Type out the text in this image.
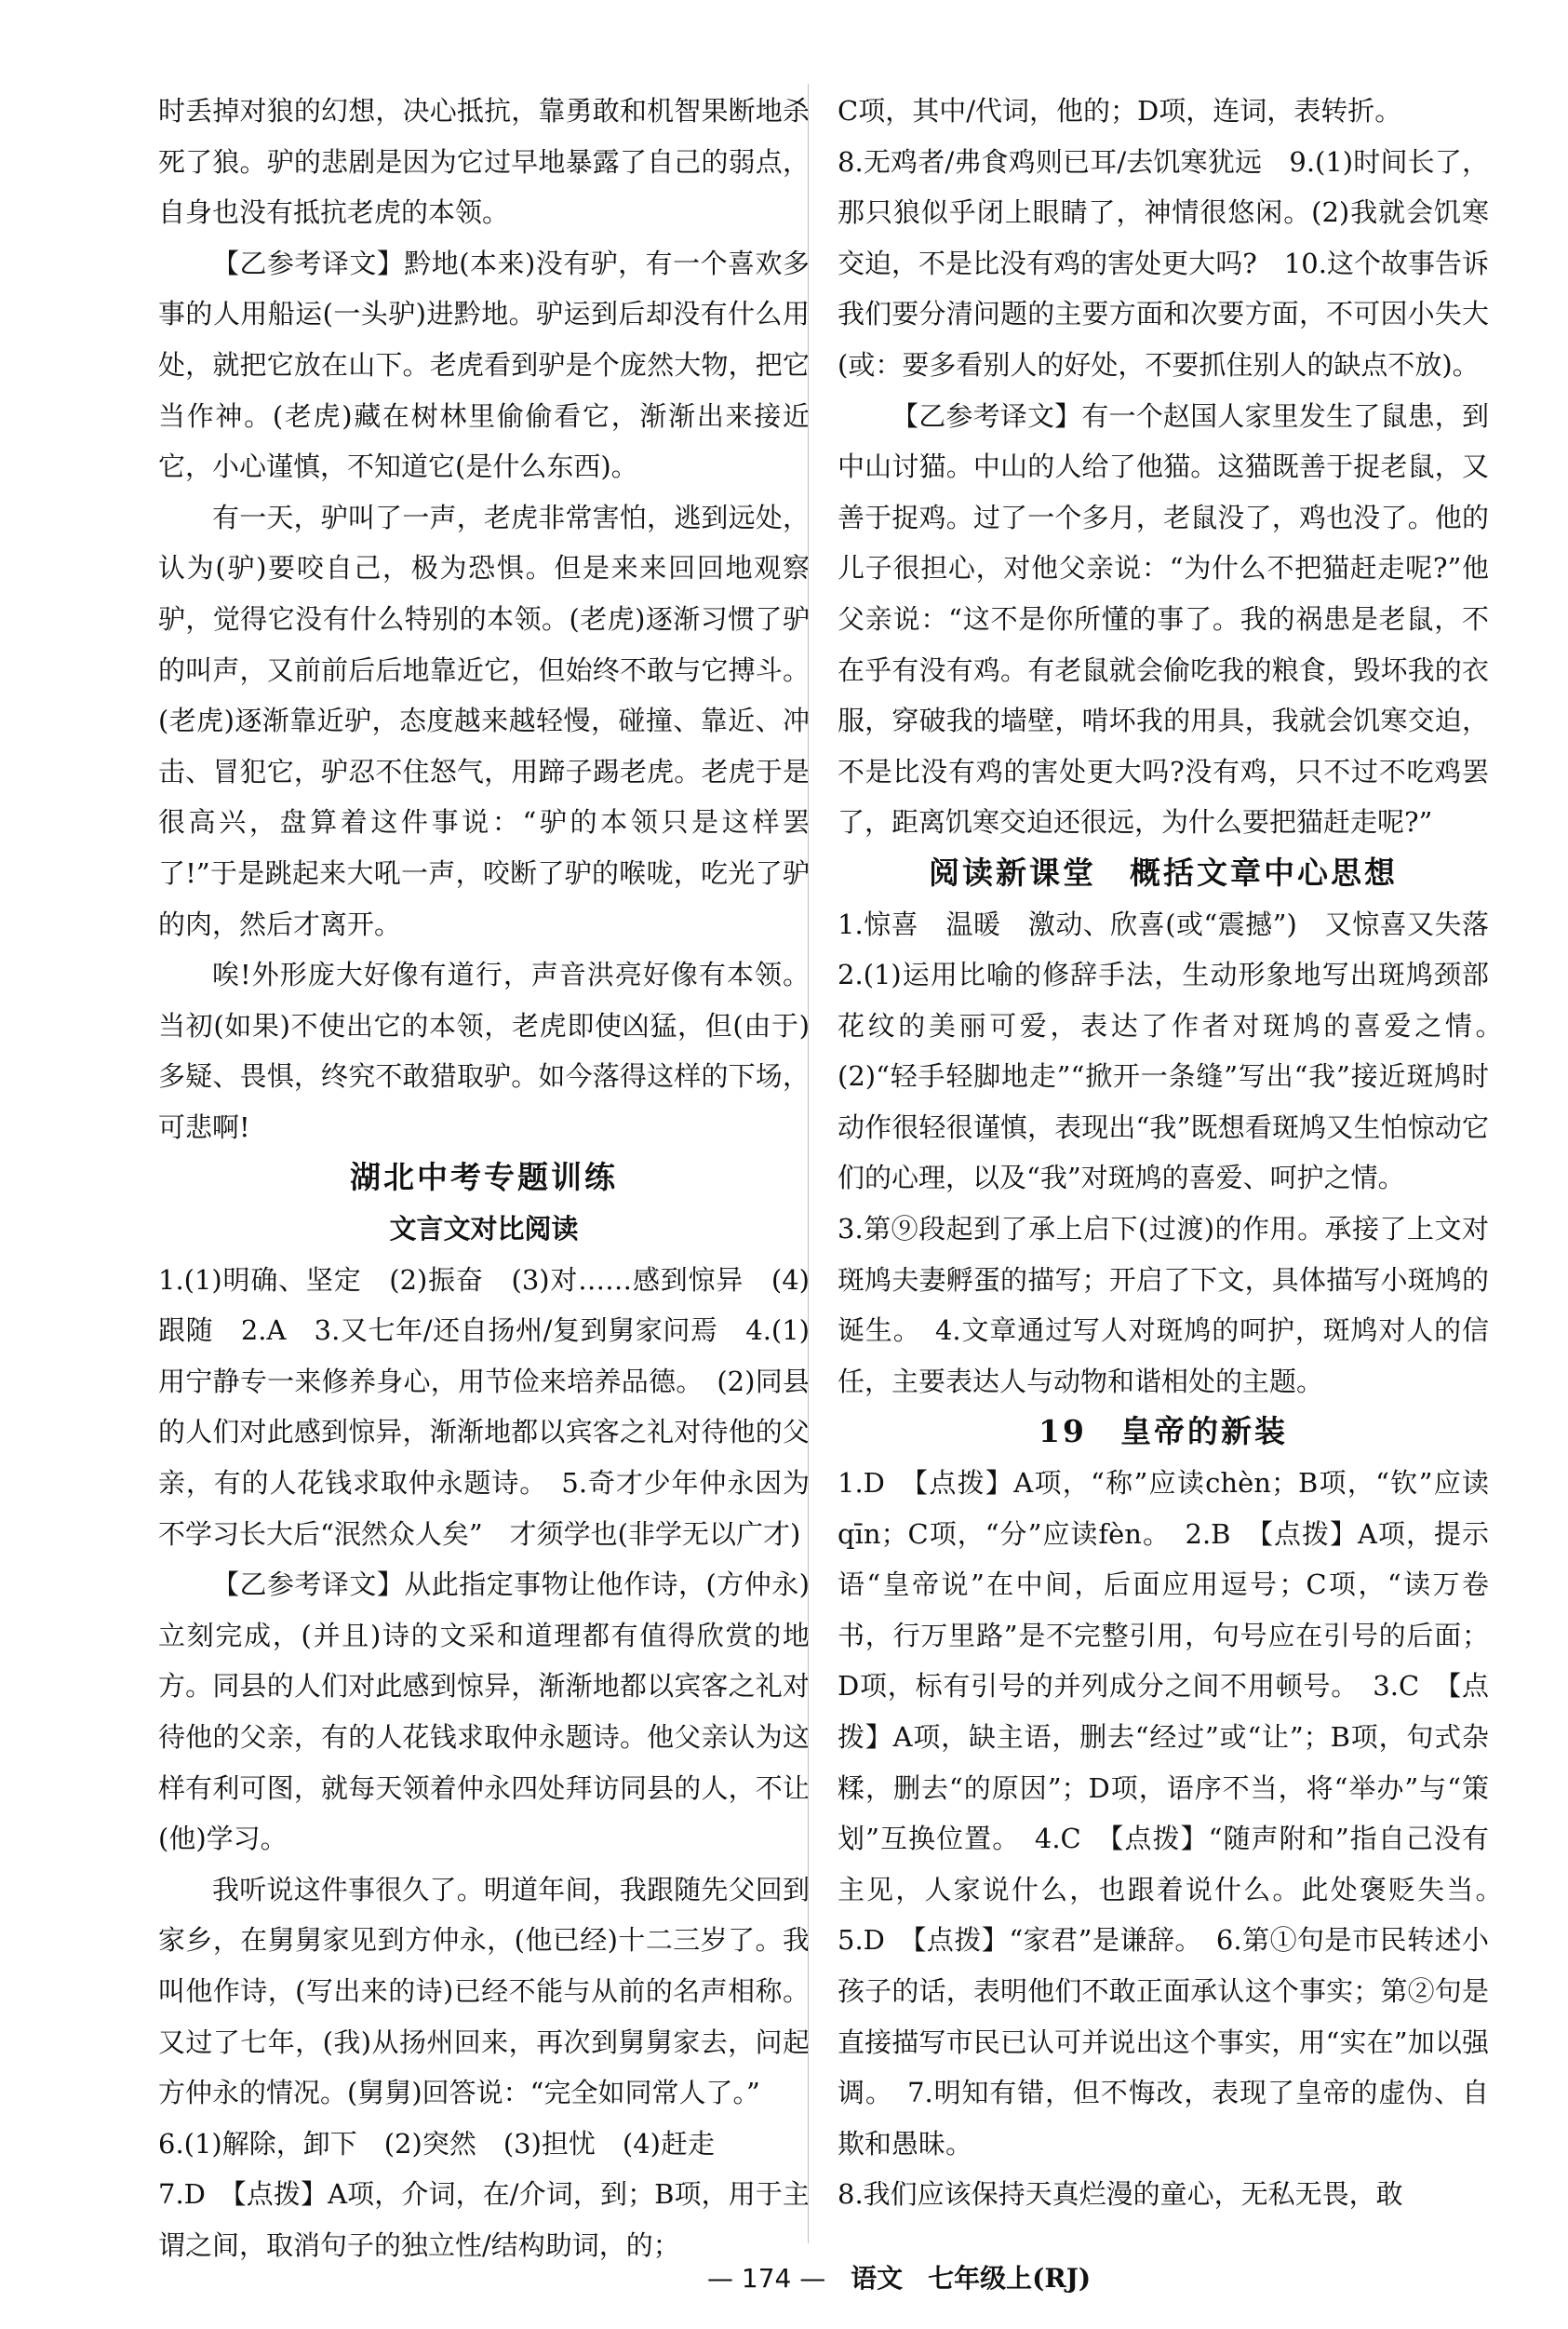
时丢掉对狼的幻想，决心抵抗，靠勇敢和机智果断地杀死了狼。驴的悲剧是因为它过早地暴露了自己的弱点，自身也没有抵抗老虎的本领。

【乙参考译文】黔地(本来)没有驴，有一个喜欢多事的人用船运(一头驴)进黔地。驴运到后却没有什么用处，就把它放在山下。老虎看到驴是个庞然大物，把它当作神。(老虎)藏在树林里偷偷看它，渐渐出来接近它，小心谨慎，不知道它(是什么东西)。

有一天，驴叫了一声，老虎非常害怕，逃到远处，认为(驴)要咬自己，极为恐惧。但是来来回回地观察驴，觉得它没有什么特别的本领。(老虎)逐渐习惯了驴的叫声，又前前后后地靠近它，但始终不敢与它搏斗。(老虎)逐渐靠近驴，态度越来越轻慢，碰撞、靠近、冲击、冒犯它，驴忍不住怒气，用蹄子踢老虎。老虎于是很高兴，盘算着这件事说：“驴的本领只是这样罢了!”于是跳起来大吼一声，咬断了驴的喉咙，吃光了驴的肉，然后才离开。

唉!外形庞大好像有道行，声音洪亮好像有本领。当初(如果)不使出它的本领，老虎即使凶猛，但(由于)多疑、畏惧，终究不敢猎取驴。如今落得这样的下场，可悲啊!

湖北中考专题训练

文言文对比阅读

1.(1)明确、坚定　(2)振奋　(3)对……感到惊异　(4)跟随　2.A　3.又七年/还自扬州/复到舅家问焉　4.(1)用宁静专一来修养身心，用节俭来培养品德。　(2)同县的人们对此感到惊异，渐渐地都以宾客之礼对待他的父亲，有的人花钱求取仲永题诗。　5.奇才少年仲永因为不学习长大后“泯然众人矣”　才须学也(非学无以广才)

【乙参考译文】从此指定事物让他作诗，(方仲永)立刻完成，(并且)诗的文采和道理都有值得欣赏的地方。同县的人们对此感到惊异，渐渐地都以宾客之礼对待他的父亲，有的人花钱求取仲永题诗。他父亲认为这样有利可图，就每天领着仲永四处拜访同县的人，不让(他)学习。

我听说这件事很久了。明道年间，我跟随先父回到家乡，在舅舅家见到方仲永，(他已经)十二三岁了。我叫他作诗，(写出来的诗)已经不能与从前的名声相称。又过了七年，(我)从扬州回来，再次到舅舅家去，问起方仲永的情况。(舅舅)回答说：“完全如同常人了。”

6.(1)解除，卸下　(2)突然　(3)担忧　(4)赶走

7.D　【点拨】A项，介词，在/介词，到；B项，用于主谓之间，取消句子的独立性/结构助词，的；

C项，其中/代词，他的；D项，连词，表转折。

8.无鸡者/弗食鸡则已耳/去饥寒犹远　9.(1)时间长了，那只狼似乎闭上眼睛了，神情很悠闲。(2)我就会饥寒交迫，不是比没有鸡的害处更大吗?　10.这个故事告诉我们要分清问题的主要方面和次要方面，不可因小失大(或：要多看别人的好处，不要抓住别人的缺点不放)。

【乙参考译文】有一个赵国人家里发生了鼠患，到中山讨猫。中山的人给了他猫。这猫既善于捉老鼠，又善于捉鸡。过了一个多月，老鼠没了，鸡也没了。他的儿子很担心，对他父亲说：“为什么不把猫赶走呢?”他父亲说：“这不是你所懂的事了。我的祸患是老鼠，不在乎有没有鸡。有老鼠就会偷吃我的粮食，毁坏我的衣服，穿破我的墙壁，啃坏我的用具，我就会饥寒交迫，不是比没有鸡的害处更大吗?没有鸡，只不过不吃鸡罢了，距离饥寒交迫还很远，为什么要把猫赶走呢?”

阅读新课堂　概括文章中心思想

1.惊喜　温暖　激动、欣喜(或“震撼”)　又惊喜又失落　2.(1)运用比喻的修辞手法，生动形象地写出斑鸠颈部花纹的美丽可爱，表达了作者对斑鸠的喜爱之情。　(2)“轻手轻脚地走”“掀开一条缝”写出“我”接近斑鸠时动作很轻很谨慎，表现出“我”既想看斑鸠又生怕惊动它们的心理，以及“我”对斑鸠的喜爱、呵护之情。

3.第⑨段起到了承上启下(过渡)的作用。承接了上文对斑鸠夫妻孵蛋的描写；开启了下文，具体描写小斑鸠的诞生。　4.文章通过写人对斑鸠的呵护，斑鸠对人的信任，主要表达人与动物和谐相处的主题。

19　皇帝的新装

1.D　【点拨】A项，“称”应读chèn；B项，“钦”应读qīn；C项，“分”应读fèn。　2.B　【点拨】A项，提示语“皇帝说”在中间，后面应用逗号；C项，“读万卷书，行万里路”是不完整引用，句号应在引号的后面；D项，标有引号的并列成分之间不用顿号。　3.C　【点拨】A项，缺主语，删去“经过”或“让”；B项，句式杂糅，删去“的原因”；D项，语序不当，将“举办”与“策划”互换位置。　4.C　【点拨】“随声附和”指自己没有主见，人家说什么，也跟着说什么。此处褒贬失当。　5.D　【点拨】“家君”是谦辞。　6.第①句是市民转述小孩子的话，表明他们不敢正面承认这个事实；第②句是直接描写市民已认可并说出这个事实，用“实在”加以强调。　7.明知有错，但不悔改，表现了皇帝的虚伪、自欺和愚昧。

8.我们应该保持天真烂漫的童心，无私无畏，敢

— 174 — 语文 七年级上(RJ)
